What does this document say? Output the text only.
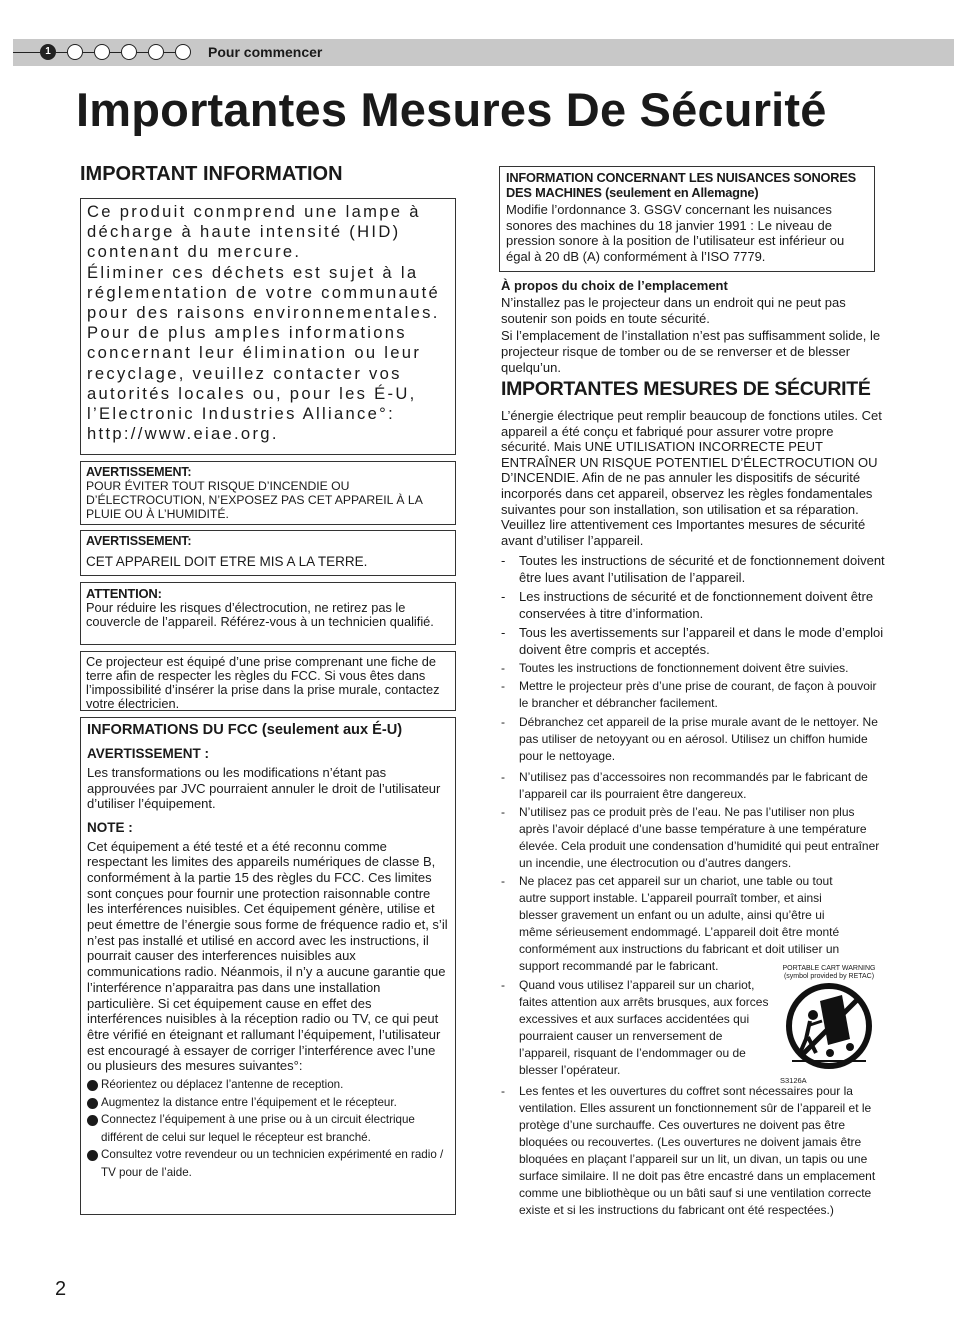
1	Pour commencer
Importantes Mesures De Sécurité
IMPORTANT INFORMATION
Ce produit conmprend une lampe à
décharge à haute intensité (HID)
contenant du mercure.
Éliminer ces déchets est sujet à la
réglementation de votre communauté
pour des raisons environnementales.
Pour de plus amples informations
concernant leur élimination ou leur
recyclage, veuillez contacter vos
autorités locales ou, pour les É-U,
l’Electronic Industries Alliance°:
http://www.eiae.org.
AVERTISSEMENT:
POUR ÉVITER TOUT RISQUE D’INCENDIE OU D’ÉLECTROCUTION, N’EXPOSEZ PAS CET APPAREIL À LA PLUIE OU À L’HUMIDITÉ.
AVERTISSEMENT:
CET APPAREIL DOIT ETRE MIS A LA TERRE.
ATTENTION:
Pour réduire les risques d’électrocution, ne retirez pas le couvercle de l’appareil. Référez-vous à un technicien qualifié.
Ce projecteur est équipé d’une prise comprenant une fiche de terre afin de respecter les règles du FCC. Si vous êtes dans l’impossibilité d’insérer la prise dans la prise murale, contactez votre électricien.
INFORMATIONS DU FCC (seulement aux É-U)
AVERTISSEMENT :
Les transformations ou les modifications n’étant pas approuvées par JVC pourraient annuler le droit de l’utilisateur d’utiliser l’équipement.
NOTE :
Cet équipement a été testé et a été reconnu comme respectant les limites des appareils numériques de classe B, conformément à la partie 15 des règles du FCC. Ces limites sont conçues pour fournir une protection raisonnable contre les interférences nuisibles. Cet équipement génère, utilise et peut émettre de l’énergie sous forme de fréquence radio et, s’il n’est pas installé et utilisé en accord avec les instructions, il pourrait causer des interferences nuisibles aux communications radio. Néanmois, il n’y a aucune garantie que l’interférence n’apparaitra pas dans une installation particulière. Si cet équipement cause en effet des interférences nuisibles à la réception radio ou TV, ce qui peut être vérifié en éteignant et rallumant l’équipement, l’utilisateur est encouragé à essayer de corriger l’interférence avec l’une ou plusieurs des mesures suivantes°:
Réorientez ou déplacez l’antenne de reception.
Augmentez la distance entre l’équipement et le récepteur.
Connectez l’équipement à une prise ou à un circuit électrique différent de celui sur lequel le récepteur est branché.
Consultez votre revendeur ou un technicien expérimenté en radio / TV pour de l’aide.
INFORMATION CONCERNANT LES NUISANCES SONORES DES MACHINES (seulement en Allemagne)
Modifie l’ordonnance 3. GSGV concernant les nuisances sonores des machines du 18 janvier 1991 : Le niveau de pression sonore à la position de l’utilisateur est inférieur ou égal à 20 dB (A) conformément à l’ISO 7779.
À propos du choix de l’emplacement
N’installez pas le projecteur dans un endroit qui ne peut pas soutenir son poids en toute sécurité.
Si l’emplacement de l’installation n’est pas suffisamment solide, le projecteur risque de tomber ou de se renverser et de blesser quelqu’un.
IMPORTANTES MESURES DE SÉCURITÉ
L’énergie électrique peut remplir beaucoup de fonctions utiles. Cet appareil a été conçu et fabriqué pour assurer votre propre sécurité. Mais UNE UTILISATION INCORRECTE PEUT ENTRAÎNER UN RISQUE POTENTIEL D’ÉLECTROCUTION OU D’INCENDIE. Afin de ne pas annuler les dispositifs de sécurité incorporés dans cet appareil, observez les règles fondamentales suivantes pour son installation, son utilisation et sa réparation. Veuillez lire attentivement ces Importantes mesures de sécurité avant d’utiliser l’appareil.
- Toutes les instructions de sécurité et de fonctionnement doivent être lues avant l’utilisation de l’appareil.
- Les instructions de sécurité et de fonctionnement doivent être conservées à titre d’information.
- Tous les avertissements sur l’appareil et dans le mode d’emploi doivent être compris et acceptés.
- Toutes les instructions de fonctionnement doivent être suivies.
- Mettre le projecteur près d’une prise de courant, de façon à pouvoir le brancher et débrancher facilement.
- Débranchez cet appareil de la prise murale avant de le nettoyer. Ne pas utiliser de netoyyant ou en aérosol. Utilisez un chiffon humide pour le nettoyage.
- N’utilisez pas d’accessoires non recommandés par le fabricant de l’appareil car ils pourraient être dangereux.
- N’utilisez pas ce produit près de l’eau. Ne pas l’utiliser non plus après l’avoir déplacé d’une basse température à une température élevée. Cela produit une condensation d’humidité qui peut entraîner un incendie, une électrocution ou d’autres dangers.
- Ne placez pas cet appareil sur un chariot, une table ou tout autre support instable. L’appareil pourraît tomber, et ainsi blesser gravement un enfant ou un adulte, ainsi qu’être ui même sérieusement endommagé. L’appareil doit être monté conformément aux instructions du fabricant et doit utiliser un support recommandé par le fabricant.
- Quand vous utilisez l’appareil sur un chariot, faites attention aux arrêts brusques, aux forces excessives et aux surfaces accidentées qui pourraient causer un renversement de l’appareil, risquant de l’endommager ou de blesser l’opérateur.
PORTABLE CART WARNING
(symbol provided by RETAC)
S3126A
- Les fentes et les ouvertures du coffret sont nécessaires pour la ventilation. Elles assurent un fonctionnement sûr de l’appareil et le protège d’une surchauffe. Ces ouvertures ne doivent pas être bloquées ou recouvertes. (Les ouvertures ne doivent jamais être bloquées en plaçant l’appareil sur un lit, un divan, un tapis ou une surface similaire. Il ne doit pas être encastré dans un emplacement comme une bibliothèque ou un bâti sauf si une ventilation correcte existe et si les instructions du fabricant ont été respectées.)
2
